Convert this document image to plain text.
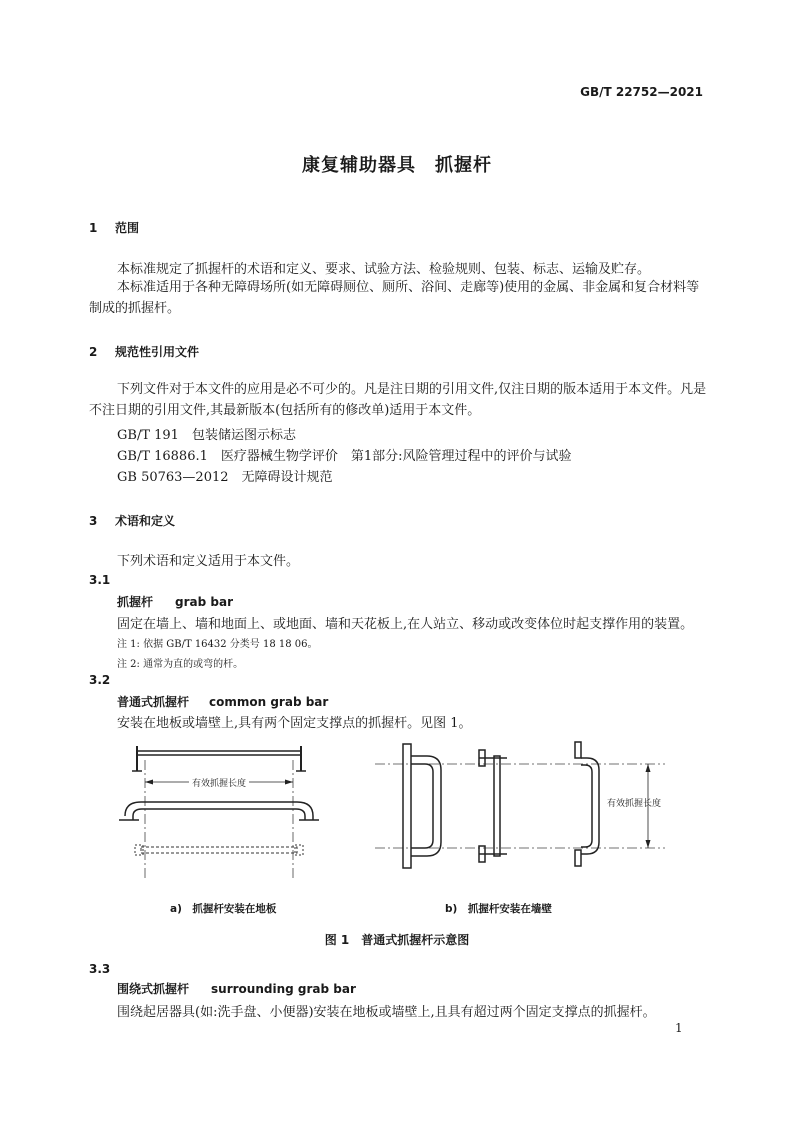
GB/T 22752—2021
康复辅助器具　抓握杆
1 范围
本标准规定了抓握杆的术语和定义、要求、试验方法、检验规则、包装、标志、运输及贮存。
本标准适用于各种无障碍场所(如无障碍厕位、厕所、浴间、走廊等)使用的金属、非金属和复合材料等制成的抓握杆。
2 规范性引用文件
下列文件对于本文件的应用是必不可少的。凡是注日期的引用文件,仅注日期的版本适用于本文件。凡是不注日期的引用文件,其最新版本(包括所有的修改单)适用于本文件。
GB/T 191　 包装储运图示标志
GB/T 16886.1　 医疗器械生物学评价　第1部分:风险管理过程中的评价与试验
GB 50763—2012　 无障碍设计规范
3 术语和定义
下列术语和定义适用于本文件。
3.1
抓握杆 grab bar
固定在墙上、墙和地面上、或地面、墙和天花板上,在人站立、移动或改变体位时起支撑作用的装置。
注 1: 依据 GB/T 16432 分类号 18 18 06。
注 2: 通常为直的或弯的杆。
3.2
普通式抓握杆 common grab bar
安装在地板或墙壁上,具有两个固定支撑点的抓握杆。见图 1。
有效抓握长度
有效抓握长度
a)　抓握杆安装在地板	b)　抓握杆安装在墙壁
图 1　普通式抓握杆示意图
3.3
围绕式抓握杆 surrounding grab bar
围绕起居器具(如:洗手盘、小便器)安装在地板或墙壁上,且具有超过两个固定支撑点的抓握杆。
1
